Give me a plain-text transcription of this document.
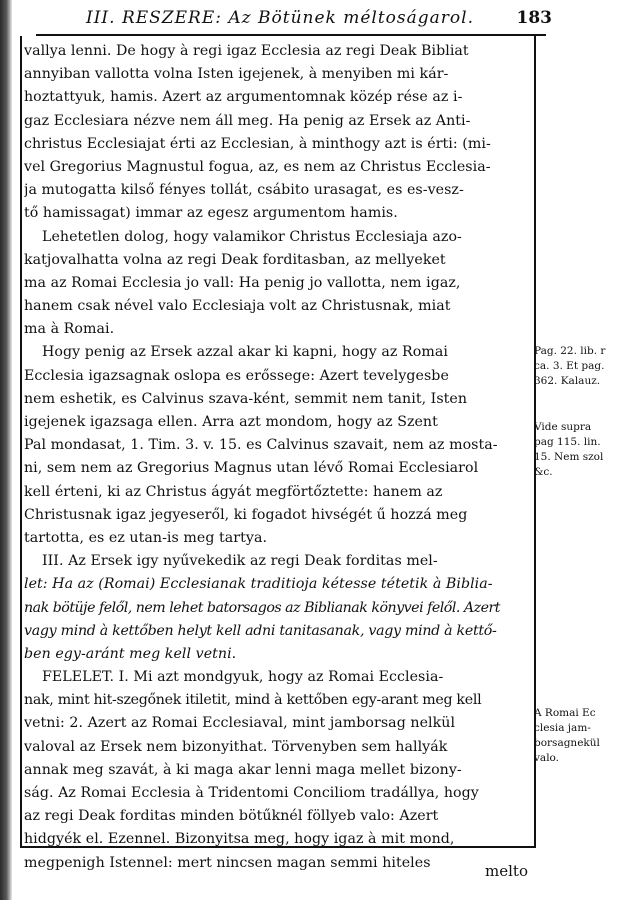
III. RESZERE: Az Bötünek méltoságarol.	183
vallya lenni. De hogy à regi igaz Ecclesia az regi Deak Bibliat
annyiban vallotta volna Isten igejenek, à menyiben mi kár-
hoztattyuk, hamis. Azert az argumentomnak közép rése az i-
gaz Ecclesiara nézve nem áll meg. Ha penig az Ersek az Anti-
christus Ecclesiajat érti az Ecclesian, à minthogy azt is érti: (mi-
vel Gregorius Magnustul fogua, az, es nem az Christus Ecclesia-
ja mutogatta kilső fényes tollát, csábito urasagat, es es-vesz-
tő hamissagat) immar az egesz argumentom hamis.
Lehetetlen dolog, hogy valamikor Christus Ecclesiaja azo-
katjovalhatta volna az regi Deak forditasban, az mellyeket
ma az Romai Ecclesia jo vall: Ha penig jo vallotta, nem igaz,
hanem csak nével valo Ecclesiaja volt az Christusnak, miat
ma à Romai.
Hogy penig az Ersek azzal akar ki kapni, hogy az Romai
Ecclesia igazsagnak oslopa es erőssege: Azert tevelygesbe
nem eshetik, es Calvinus szava-ként, semmit nem tanit, Isten
igejenek igazsaga ellen. Arra azt mondom, hogy az Szent
Pal mondasat, 1. Tim. 3. v. 15. es Calvinus szavait, nem az mosta-
ni, sem nem az Gregorius Magnus utan lévő Romai Ecclesiarol
kell érteni, ki az Christus ágyát megförtőztette: hanem az
Christusnak igaz jegyeseről, ki fogadot hivségét ű hozzá meg
tartotta, es ez utan-is meg tartya.
III. Az Ersek igy nyűvekedik az regi Deak forditas mel-
let: Ha az (Romai) Ecclesianak traditioja kétesse tétetik à Biblia-
nak bötüje felől, nem lehet batorsagos az Biblianak könyvei felől. Azert
vagy mind à kettőben helyt kell adni tanitasanak, vagy mind à kettő-
ben egy-aránt meg kell vetni.
FELELET. I. Mi azt mondgyuk, hogy az Romai Ecclesia-
nak, mint hit-szegőnek itiletit, mind à kettőben egy-arant meg kell
vetni: 2. Azert az Romai Ecclesiaval, mint jamborsag nelkül
valoval az Ersek nem bizonyithat. Törvenyben sem hallyák
annak meg szavát, à ki maga akar lenni maga mellet bizony-
ság. Az Romai Ecclesia à Tridentomi Conciliom tradállya, hogy
az regi Deak forditas minden bötűknél föllyeb valo: Azert
hidgyék el. Ezennel. Bizonyitsa meg, hogy igaz à mit mond,
megpenigh Istennel: mert nincsen magan semmi hiteles
Pag. 22. lib. r
ca. 3. Et pag.
362. Kalauz.
Vide supra
pag 115. lin.
15. Nem szol
&c.
A Romai Ec
clesia jam-
borsagnekül
valo.
melto
